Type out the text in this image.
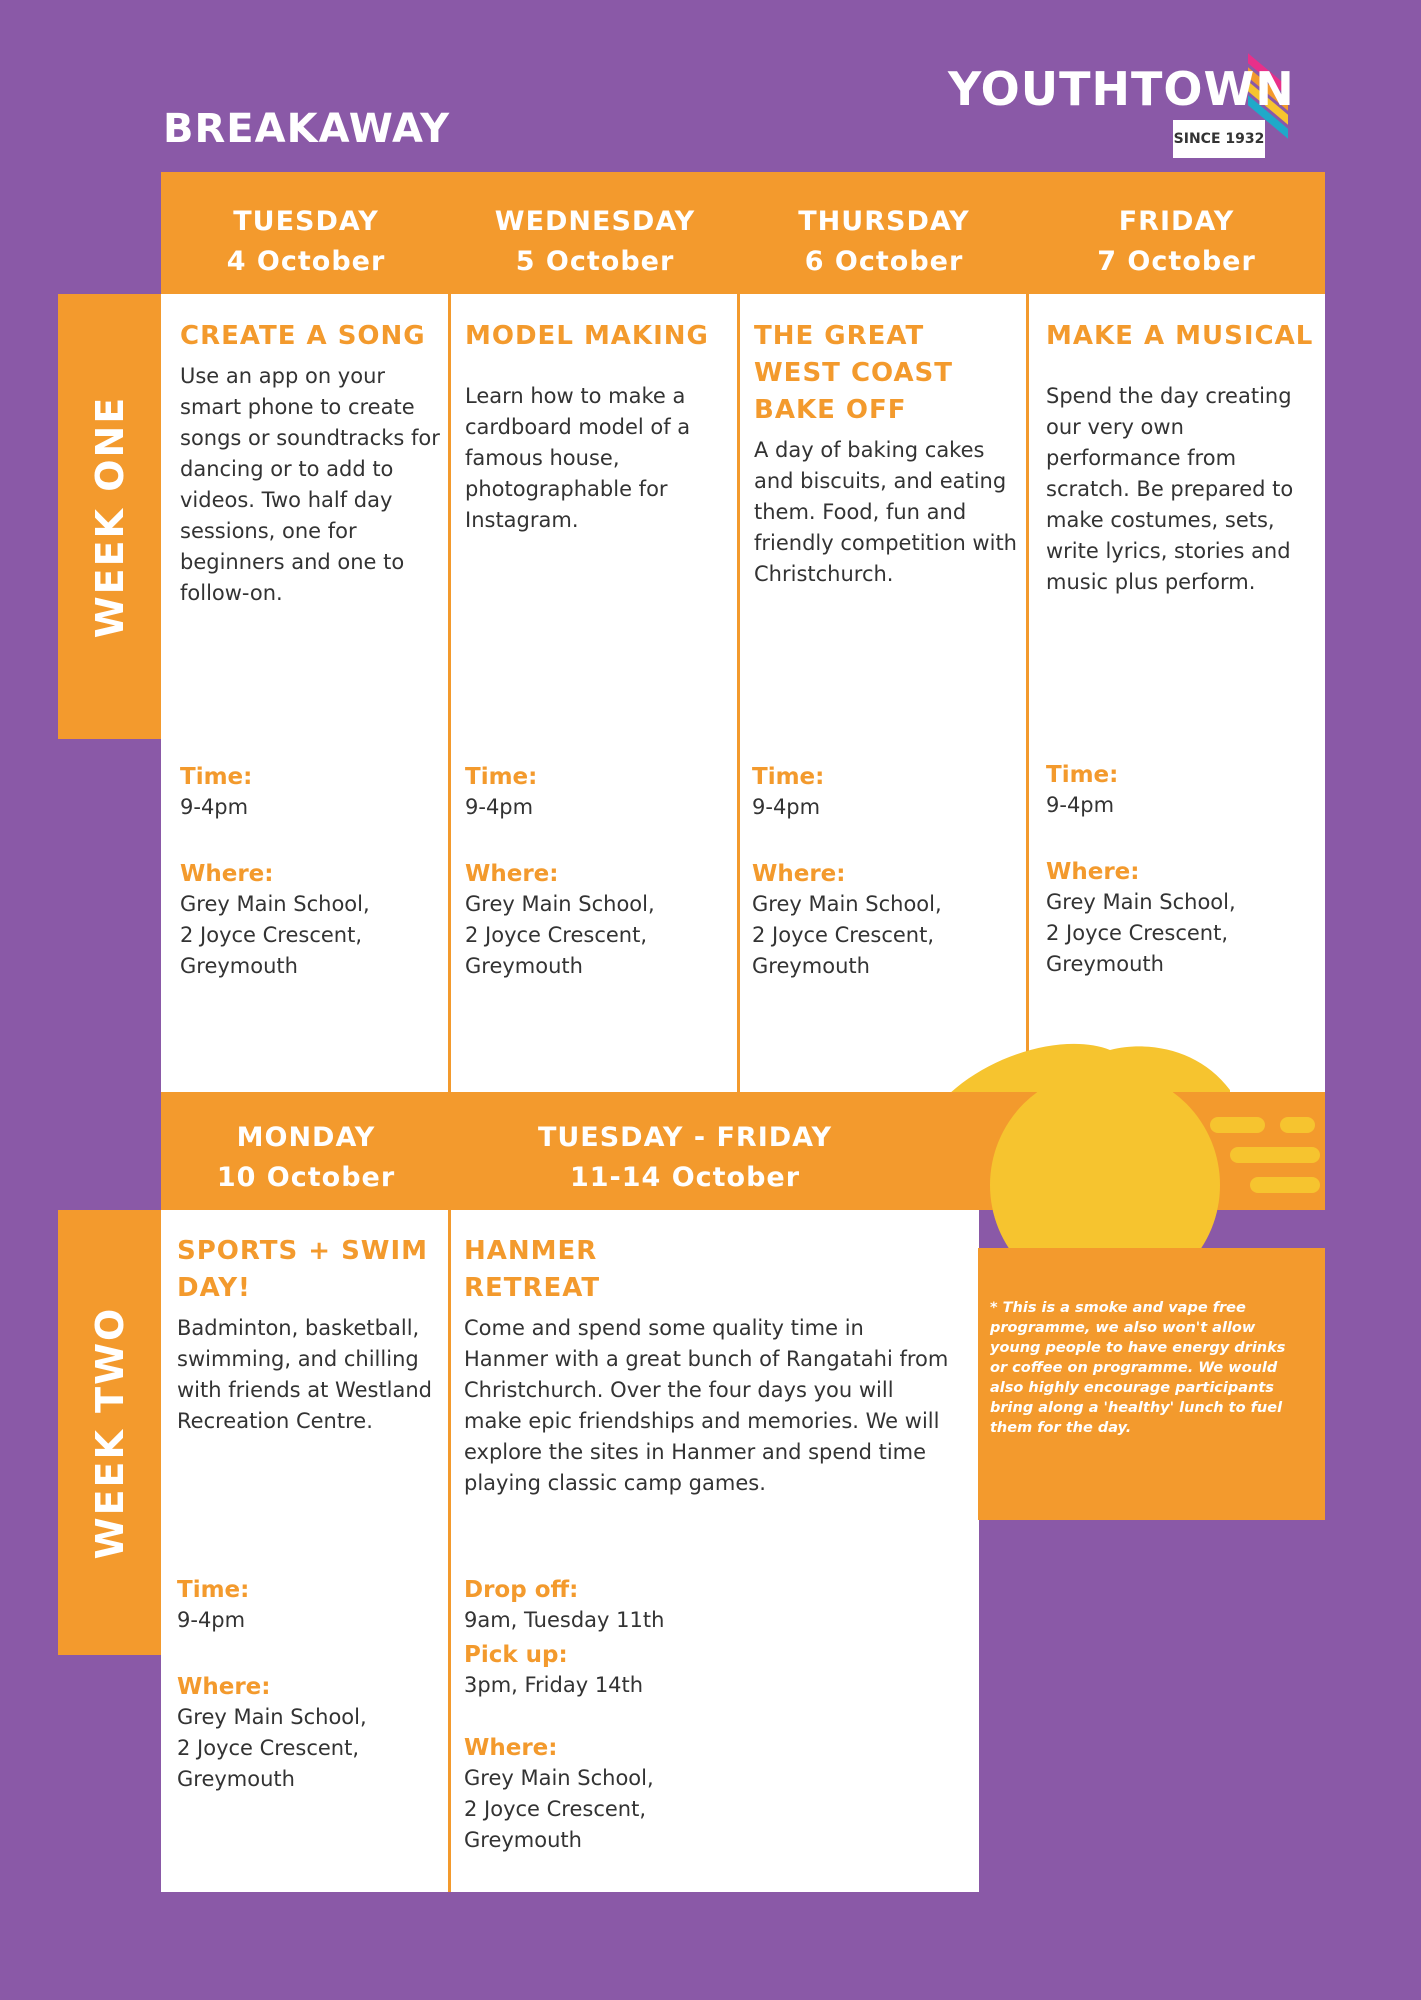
BREAKAWAY
YOUTHTOWN
SINCE 1932
TUESDAY
4 October
WEDNESDAY
5 October
THURSDAY
6 October
FRIDAY
7 October
WEEK ONE
CREATE A SONG
Use an app on your smart phone to create songs or soundtracks for dancing or to add to videos. Two half day sessions, one for beginners and one to follow-on.
MODEL MAKING
Learn how to make a cardboard model of a famous house, photographable for Instagram.
THE GREAT WEST COAST BAKE OFF
A day of baking cakes and biscuits, and eating them. Food, fun and friendly competition with Christchurch.
MAKE A MUSICAL
Spend the day creating our very own performance from scratch. Be prepared to make costumes, sets, write lyrics, stories and music plus perform.
Time:
9-4pm
Where:
Grey Main School,
2 Joyce Crescent,
Greymouth
Time:
9-4pm
Where:
Grey Main School,
2 Joyce Crescent,
Greymouth
Time:
9-4pm
Where:
Grey Main School,
2 Joyce Crescent,
Greymouth
Time:
9-4pm
Where:
Grey Main School,
2 Joyce Crescent,
Greymouth
MONDAY
10 October
TUESDAY - FRIDAY
11-14 October
WEEK TWO	* This is a smoke and vape free programme, we also won't allow young people to have energy drinks or coffee on programme. We would also highly encourage participants bring along a 'healthy' lunch to fuel them for the day.
SPORTS + SWIM DAY!
Badminton, basketball, swimming, and chilling with friends at Westland Recreation Centre.
Time:
9-4pm
Where:
Grey Main School,
2 Joyce Crescent,
Greymouth
HANMER RETREAT
Come and spend some quality time in Hanmer with a great bunch of Rangatahi from Christchurch. Over the four days you will make epic friendships and memories. We will explore the sites in Hanmer and spend time playing classic camp games.
Drop off:
9am, Tuesday 11th
Pick up:
3pm, Friday 14th
Where:
Grey Main School,
2 Joyce Crescent,
Greymouth
